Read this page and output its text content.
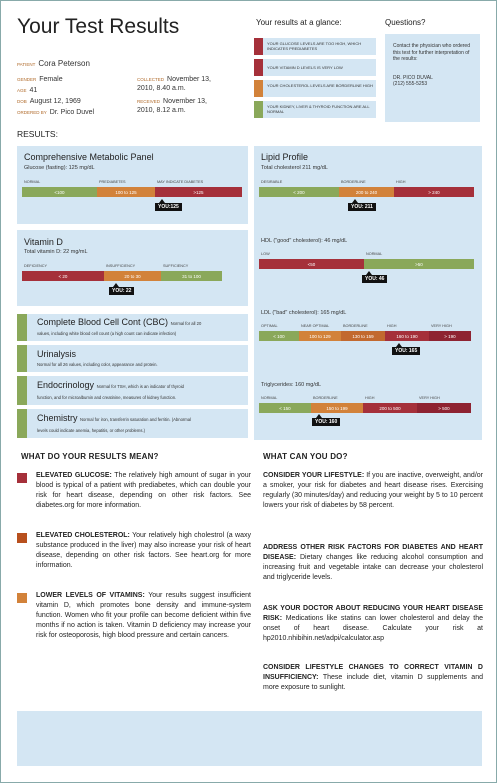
Your Test Results
PATIENT Cora Peterson
GENDER Female
AGE 41
DOB August 12, 1969
ORDERED BY Dr. Pico Duvel
COLLECTED November 13,
2010, 8.40 a.m.
RECEIVED November 13,
2010, 8.12 a.m.
Your results at a glance:
YOUR GLUCOSE LEVELS ARE TOO HIGH, WHICH INDICATES PREDIABETES
YOUR VITAMIN D LEVELS IS VERY LOW
YOUR CHOLESTEROL LEVELS ARE BORDERLINE HIGH
YOUR KIDNEY, LIVER & THYROID FUNCTION ARE ALL NORMAL
Questions?
Contact the physician who ordered this test for further interpretation of the results:
DR. PICO DUVAL
(212) 555-5253
RESULTS:
Comprehensive Metabolic Panel
Glucose (fasting): 125 mg/dL
NORMAL
<100
PREDIABETES
100 to 125
MAY INDICATE DIABETES
>125
YOU:125
Vitamin D
Total vitamin D: 22 mg/mL
DEFICIENCY
< 20
INSUFFICIENCY
20 to 30
SUFFICIENCY
31 to 100
YOU: 22
Lipid Profile
Total cholesterol 211 mg/dL
DESIRABLE
< 200
BORDERLINE
200 to 240
HIGH
> 240
YOU: 211
HDL ("good" cholesterol): 46 mg/dL
LOW
<50
NORMAL
>50
YOU: 46
LDL ("bad" cholesterol): 165 mg/dL
OPTIMAL
< 100
NEAR OPTIMAL
100 to 129
BORDERLINE
130 to 159
HIGH
160 to 190
VERY HIGH
> 190
YOU: 165
Triglycerides: 160 mg/dL
NORMAL
< 150
BORDERLINE
150 to 199
HIGH
200 to 500
VERY HIGH
> 500
YOU: 160
Complete Blood Cell Cont (CBC) Normal for all 20
values, including white blood cell count (a high count can indicate infection)
Urinalysis
Normal for all 26 values, including color, appearance and protein.
Endocrinology Normal for TSH, which is an indicator of thyroid
function, and for microalbumin and creatinine, measures of kidney function.
Chemistry Normal for iron, transferrin saturation and ferritin. (Abnormal
levels could indicate anemia, hepatitis, or other problems.)
WHAT DO YOUR RESULTS MEAN?

ELEVATED GLUCOSE: The relatively high amount of sugar in your blood is typical of a patient with prediabetes, which can double your risk for heart disease, depending on other risk factors. See diabetes.org for more information.

ELEVATED CHOLESTEROL: Your relatively high cholestrol (a waxy substance produced in the liver) may also increase your risk of heart disease, depending on other risk factors. See heart.org for more information.

LOWER LEVELS OF VITAMINS: Your results suggest insufficient vitamin D, which promotes bone density and immune-system function. Women who fit your profile can become deficient within five months if no action is taken. Vitamin D deficiency may increase your risk for osteoporosis, high blood pressure and certain cancers.

WHAT CAN YOU DO?
CONSIDER YOUR LIFESTYLE: If you are inactive, overweight, and/or a smoker, your risk for diabetes and heart disease rises. Exercising regularly (30 minutes/day) and reducing your weight by 5 to 10 percent lowers your risk of diabetes by 58 percent.
ADDRESS OTHER RISK FACTORS FOR DIABETES AND HEART DISEASE: Dietary changes like reducing alcohol consumption and increasing fruit and vegetable intake can decrease your cholesterol and triglyceride levels.
ASK YOUR DOCTOR ABOUT REDUCING YOUR HEART DISEASE RISK: Medications like statins can lower cholesterol and delay the onset of heart disease. Calculate your risk at hp2010.nhibihin.net/adpi/calculator.asp
CONSIDER LIFESTYLE CHANGES TO CORRECT VITAMIN D INSUFFICIENCY: These include diet, vitamin D supplements and more exposure to sunlight.
